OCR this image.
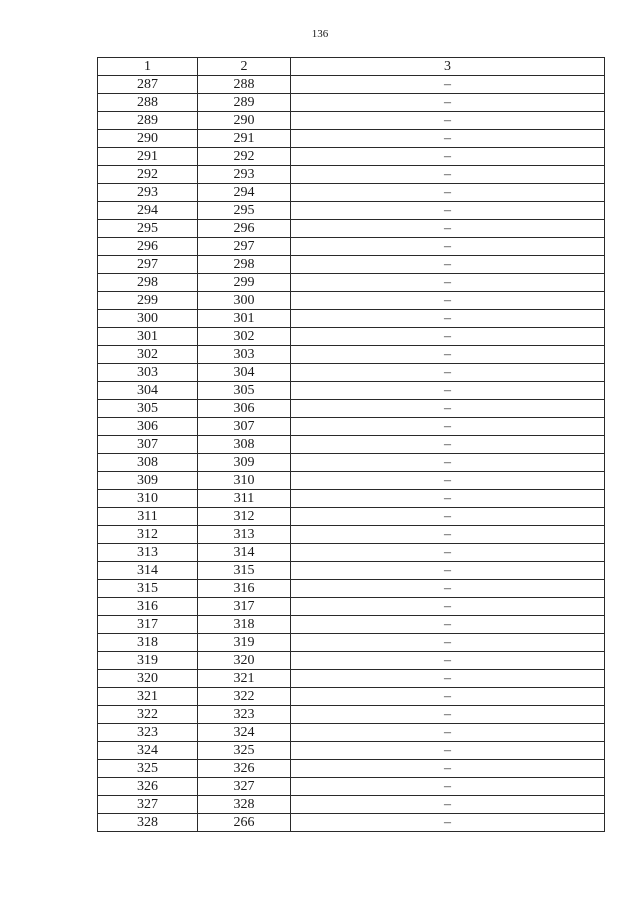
136
1	2	3
287	288	–
288	289	–
289	290	–
290	291	–
291	292	–
292	293	–
293	294	–
294	295	–
295	296	–
296	297	–
297	298	–
298	299	–
299	300	–
300	301	–
301	302	–
302	303	–
303	304	–
304	305	–
305	306	–
306	307	–
307	308	–
308	309	–
309	310	–
310	311	–
311	312	–
312	313	–
313	314	–
314	315	–
315	316	–
316	317	–
317	318	–
318	319	–
319	320	–
320	321	–
321	322	–
322	323	–
323	324	–
324	325	–
325	326	–
326	327	–
327	328	–
328	266	–
